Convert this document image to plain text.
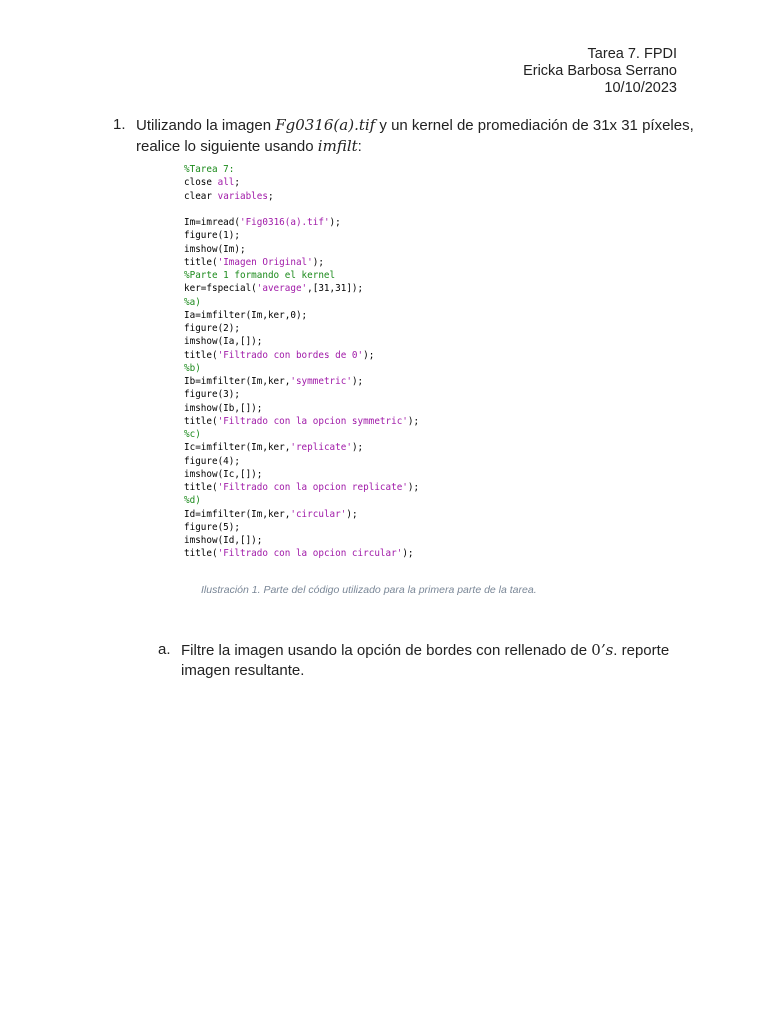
Tarea 7. FPDI
Ericka Barbosa Serrano
10/10/2023
1. Utilizando la imagen Fg0316(a).tif y un kernel de promediación de 31x 31 píxeles,
realice lo siguiente usando imfilt:
%Tarea 7:
close all;
clear variables;
Im=imread('Fig0316(a).tif');
figure(1);
imshow(Im);
title('Imagen Original');
%Parte 1 formando el kernel
ker=fspecial('average',[31,31]);
%a)
Ia=imfilter(Im,ker,0);
figure(2);
imshow(Ia,[]);
title('Filtrado con bordes de 0');
%b)
Ib=imfilter(Im,ker,'symmetric');
figure(3);
imshow(Ib,[]);
title('Filtrado con la opcion symmetric');
%c)
Ic=imfilter(Im,ker,'replicate');
figure(4);
imshow(Ic,[]);
title('Filtrado con la opcion replicate');
%d)
Id=imfilter(Im,ker,'circular');
figure(5);
imshow(Id,[]);
title('Filtrado con la opcion circular');
Ilustración 1. Parte del código utilizado para la primera parte de la tarea.
a. Filtre la imagen usando la opción de bordes con rellenado de 0’s. reporte
imagen resultante.
